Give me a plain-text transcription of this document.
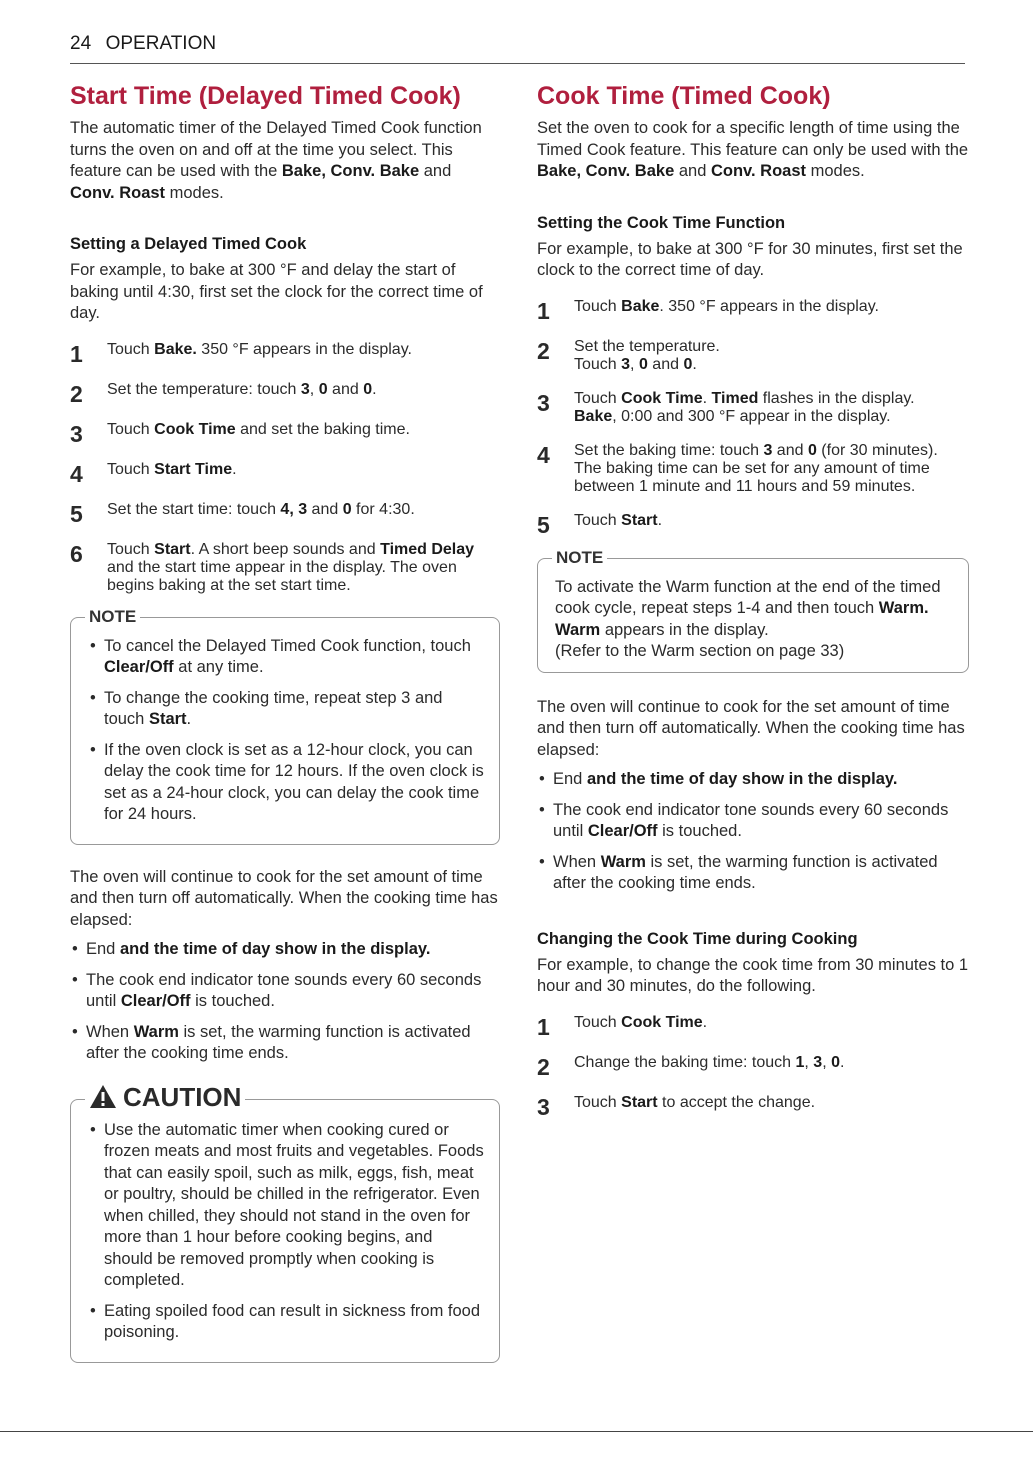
24 OPERATION
Start Time (Delayed Timed Cook)

The automatic timer of the Delayed Timed Cook function turns the oven on and off at the time you select. This feature can be used with the Bake, Conv. Bake and Conv. Roast modes.

Setting a Delayed Timed Cook

For example, to bake at 300 °F and delay the start of baking until 4:30, first set the clock for the correct time of day.

1	Touch Bake. 350 °F appears in the display.
2	Set the temperature: touch 3, 0 and 0.
3	Touch Cook Time and set the baking time.
4	Touch Start Time.
5	Set the start time: touch 4, 3 and 0 for 4:30.
6	Touch Start. A short beep sounds and Timed Delay and the start time appear in the display. The oven begins baking at the set start time.
NOTE
• To cancel the Delayed Timed Cook function, touch Clear/Off at any time.
• To change the cooking time, repeat step 3 and touch Start.
• If the oven clock is set as a 12-hour clock, you can delay the cook time for 12 hours. If the oven clock is set as a 24-hour clock, you can delay the cook time for 24 hours.

The oven will continue to cook for the set amount of time and then turn off automatically. When the cooking time has elapsed:

• End and the time of day show in the display.
• The cook end indicator tone sounds every 60 seconds until Clear/Off is touched.
• When Warm is set, the warming function is activated after the cooking time ends.
CAUTION
• Use the automatic timer when cooking cured or frozen meats and most fruits and vegetables. Foods that can easily spoil, such as milk, eggs, fish, meat or poultry, should be chilled in the refrigerator. Even when chilled, they should not stand in the oven for more than 1 hour before cooking begins, and should be removed promptly when cooking is completed.
• Eating spoiled food can result in sickness from food poisoning.
Cook Time (Timed Cook)

Set the oven to cook for a specific length of time using the Timed Cook feature. This feature can only be used with the Bake, Conv. Bake and Conv. Roast modes.

Setting the Cook Time Function

For example, to bake at 300 °F for 30 minutes, first set the clock to the correct time of day.

1	Touch Bake. 350 °F appears in the display.
2	Set the temperature.
Touch 3, 0 and 0.
3	Touch Cook Time. Timed flashes in the display.
Bake, 0:00 and 300 °F appear in the display.
4	Set the baking time: touch 3 and 0 (for 30 minutes). The baking time can be set for any amount of time between 1 minute and 11 hours and 59 minutes.
5	Touch Start.
NOTE

To activate the Warm function at the end of the timed cook cycle, repeat steps 1-4 and then touch Warm. Warm appears in the display.
(Refer to the Warm section on page 33)

The oven will continue to cook for the set amount of time and then turn off automatically. When the cooking time has elapsed:

• End and the time of day show in the display.
• The cook end indicator tone sounds every 60 seconds until Clear/Off is touched.
• When Warm is set, the warming function is activated after the cooking time ends.
Changing the Cook Time during Cooking

For example, to change the cook time from 30 minutes to 1 hour and 30 minutes, do the following.

1	Touch Cook Time.
2	Change the baking time: touch 1, 3, 0.
3	Touch Start to accept the change.
